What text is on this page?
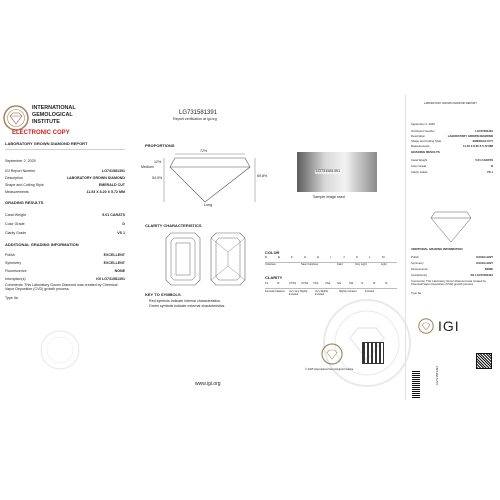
INTERNATIONAL
GEMOLOGICAL
INSTITUTE
ELECTRONIC COPY
LABORATORY GROWN DIAMOND REPORT
September 2, 2025
IGI Report Number	LG731581391
Description	LABORATORY GROWN DIAMOND
Shape and Cutting Style	EMERALD CUT
Measurements	11.53 X 8.20 X 5.72 MM
GRADING RESULTS
Carat Weight	5.01 CARATS
Color Grade	D
Clarity Grade	VS 1
ADDITIONAL GRADING INFORMATION
Polish	EXCELLENT
Symmetry	EXCELLENT
Fluorescence	NONE
Inscription(s)	IGI LG731581391
Comments: This Laboratory Grown Diamond was created by Chemical Vapor Deposition (CVD) growth process
Type IIa
LG731581391
Report verification at igi.org
PROPORTIONS
72%
12%
54.5%	69.8%
Medium
Long
LG731581391
Sample image used
CLARITY CHARACTERISTICS
KEY TO SYMBOLS
Red symbols indicate internal characteristics.
Green symbols indicate external characteristics.
COLOR
D	E	F	G	H	I	J	K	L	M
Colorless	Near Colorless	Faint	Very Light	Light
CLARITY
FL	IF	VVS1 VVS2 VS1 VS2 SI1	SI2	I1	I2	I3
Internally Flawless	Very Very Slightly Included
Very Slightly Included
Slightly Included	Included
© 2025 International Gemological Institute
www.igi.org
LABORATORY GROWN DIAMOND REPORT
September 2, 2025
IGI Report Number	LG731581391
Description	LABORATORY GROWN DIAMOND
Shape and Cutting Style	EMERALD CUT
Measurements	11.53 X 8.20 X 5.72 MM
GRADING RESULTS
Carat Weight	5.01 CARATS
Color Grade	D
Clarity Grade	VS 1
ADDITIONAL GRADING INFORMATION
Polish	EXCELLENT
Symmetry	EXCELLENT
Fluorescence	NONE
Inscription(s)	IGI LG731581391
Comments: This Laboratory Grown Diamond was created by Chemical Vapor Deposition (CVD) growth process
Type IIa
IGI
LG731581391
